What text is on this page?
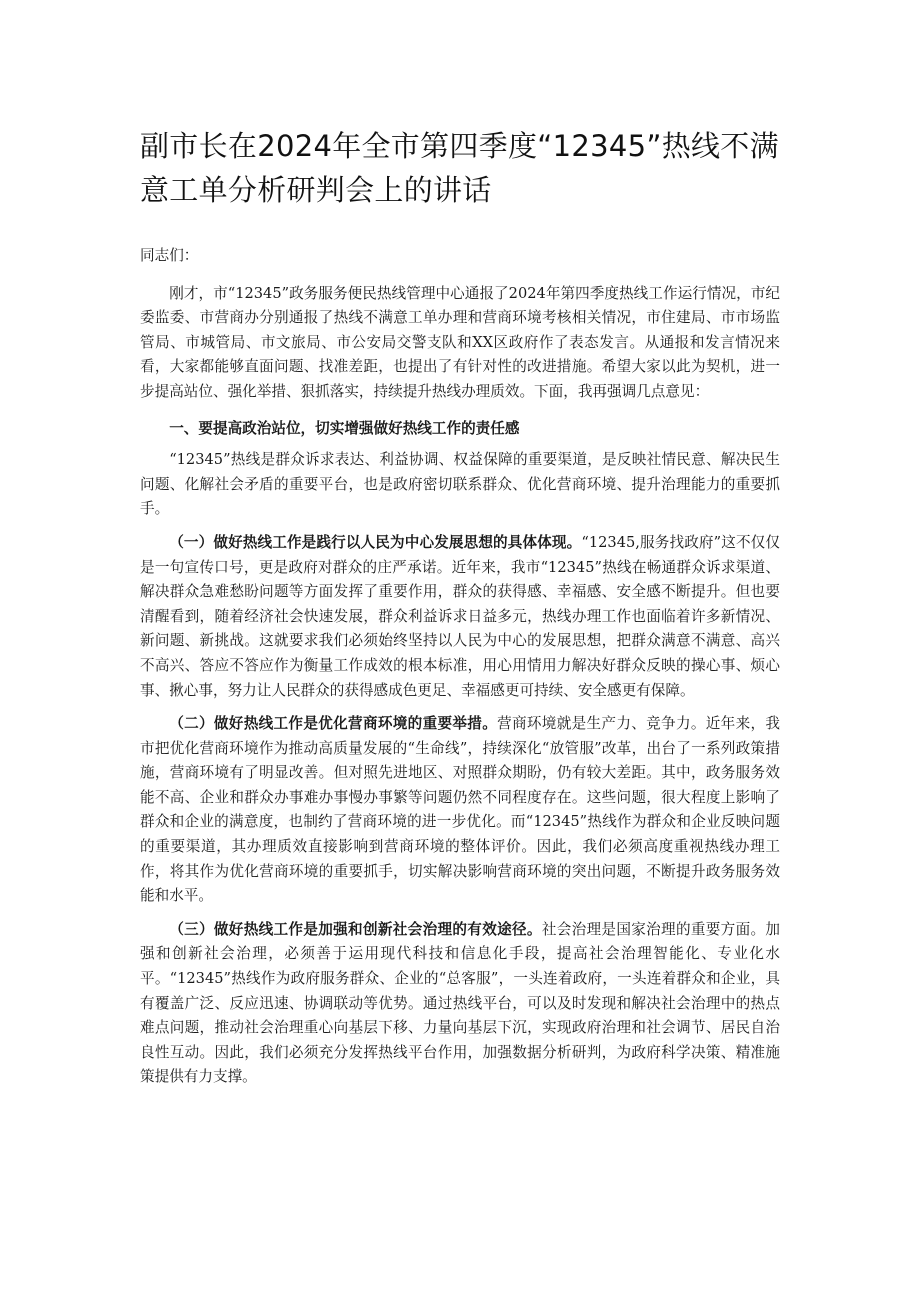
副市长在2024年全市第四季度“12345”热线不满意工单分析研判会上的讲话

同志们：

刚才，市“12345”政务服务便民热线管理中心通报了2024年第四季度热线工作运行情况，市纪委监委、市营商办分别通报了热线不满意工单办理和营商环境考核相关情况，市住建局、市市场监管局、市城管局、市文旅局、市公安局交警支队和XX区政府作了表态发言。从通报和发言情况来看，大家都能够直面问题、找准差距，也提出了有针对性的改进措施。希望大家以此为契机，进一步提高站位、强化举措、狠抓落实，持续提升热线办理质效。下面，我再强调几点意见：

一、要提高政治站位，切实增强做好热线工作的责任感

“12345”热线是群众诉求表达、利益协调、权益保障的重要渠道，是反映社情民意、解决民生问题、化解社会矛盾的重要平台，也是政府密切联系群众、优化营商环境、提升治理能力的重要抓手。

（一）做好热线工作是践行以人民为中心发展思想的具体体现。“12345,服务找政府”这不仅仅是一句宣传口号，更是政府对群众的庄严承诺。近年来，我市“12345”热线在畅通群众诉求渠道、解决群众急难愁盼问题等方面发挥了重要作用，群众的获得感、幸福感、安全感不断提升。但也要清醒看到，随着经济社会快速发展，群众利益诉求日益多元，热线办理工作也面临着许多新情况、新问题、新挑战。这就要求我们必须始终坚持以人民为中心的发展思想，把群众满意不满意、高兴不高兴、答应不答应作为衡量工作成效的根本标准，用心用情用力解决好群众反映的操心事、烦心事、揪心事，努力让人民群众的获得感成色更足、幸福感更可持续、安全感更有保障。

（二）做好热线工作是优化营商环境的重要举措。营商环境就是生产力、竞争力。近年来，我市把优化营商环境作为推动高质量发展的“生命线”，持续深化“放管服”改革，出台了一系列政策措施，营商环境有了明显改善。但对照先进地区、对照群众期盼，仍有较大差距。其中，政务服务效能不高、企业和群众办事难办事慢办事繁等问题仍然不同程度存在。这些问题，很大程度上影响了群众和企业的满意度，也制约了营商环境的进一步优化。而“12345”热线作为群众和企业反映问题的重要渠道，其办理质效直接影响到营商环境的整体评价。因此，我们必须高度重视热线办理工作，将其作为优化营商环境的重要抓手，切实解决影响营商环境的突出问题，不断提升政务服务效能和水平。

（三）做好热线工作是加强和创新社会治理的有效途径。社会治理是国家治理的重要方面。加强和创新社会治理，必须善于运用现代科技和信息化手段，提高社会治理智能化、专业化水平。“12345”热线作为政府服务群众、企业的“总客服”，一头连着政府，一头连着群众和企业，具有覆盖广泛、反应迅速、协调联动等优势。通过热线平台，可以及时发现和解决社会治理中的热点难点问题，推动社会治理重心向基层下移、力量向基层下沉，实现政府治理和社会调节、居民自治良性互动。因此，我们必须充分发挥热线平台作用，加强数据分析研判，为政府科学决策、精准施策提供有力支撑。
